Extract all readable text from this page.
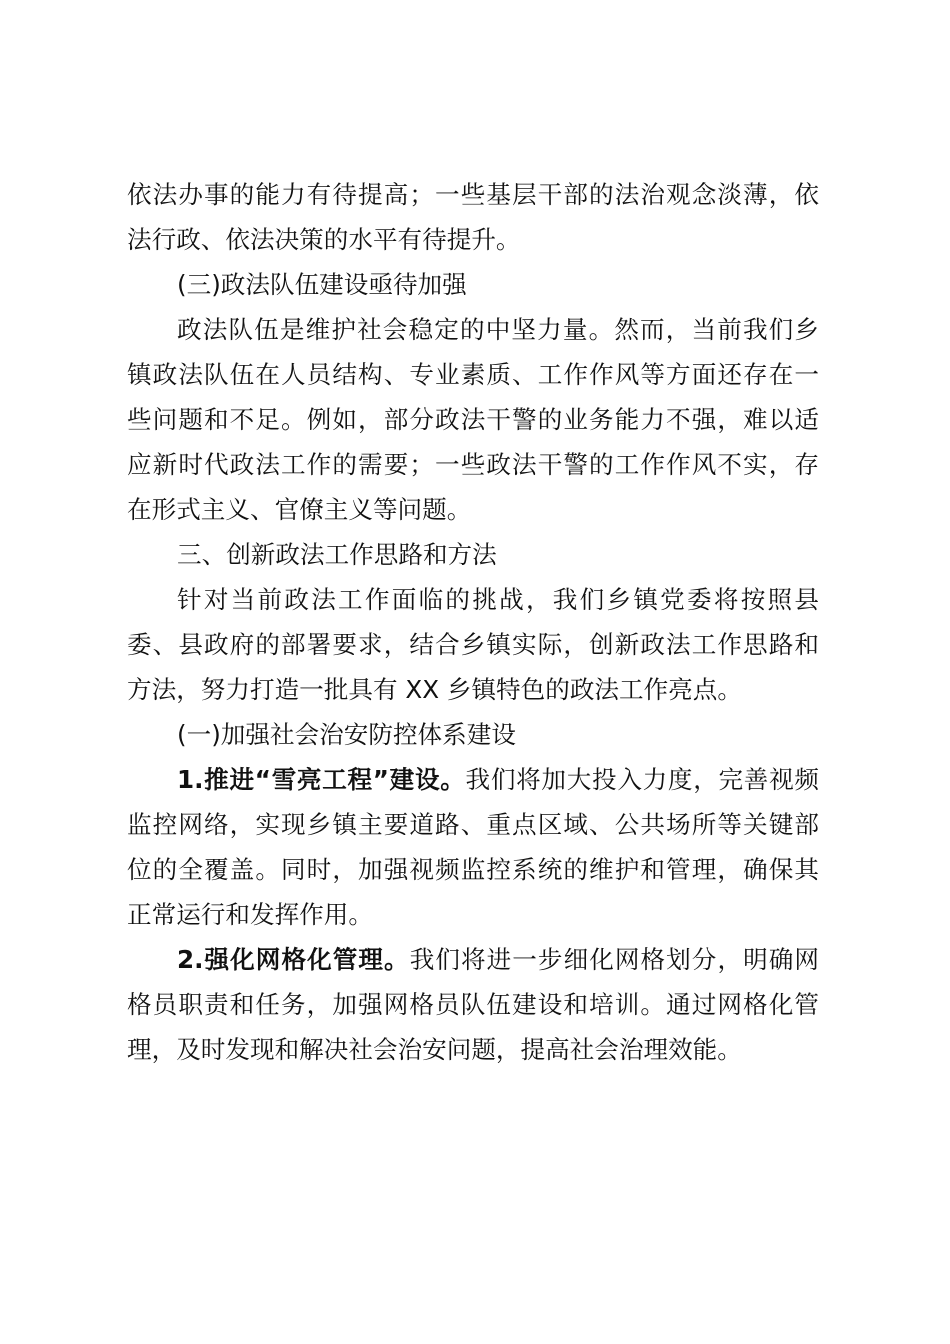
依法办事的能力有待提高；一些基层干部的法治观念淡薄，依
法行政、依法决策的水平有待提升。
(三)政法队伍建设亟待加强
政法队伍是维护社会稳定的中坚力量。然而，当前我们乡
镇政法队伍在人员结构、专业素质、工作作风等方面还存在一
些问题和不足。例如，部分政法干警的业务能力不强，难以适
应新时代政法工作的需要；一些政法干警的工作作风不实，存
在形式主义、官僚主义等问题。
三、创新政法工作思路和方法
针对当前政法工作面临的挑战，我们乡镇党委将按照县
委、县政府的部署要求，结合乡镇实际，创新政法工作思路和
方法，努力打造一批具有 XX 乡镇特色的政法工作亮点。
(一)加强社会治安防控体系建设
1.推进“雪亮工程”建设。我们将加大投入力度，完善视频
监控网络，实现乡镇主要道路、重点区域、公共场所等关键部
位的全覆盖。同时，加强视频监控系统的维护和管理，确保其
正常运行和发挥作用。
2.强化网格化管理。我们将进一步细化网格划分，明确网
格员职责和任务，加强网格员队伍建设和培训。通过网格化管
理，及时发现和解决社会治安问题，提高社会治理效能。
